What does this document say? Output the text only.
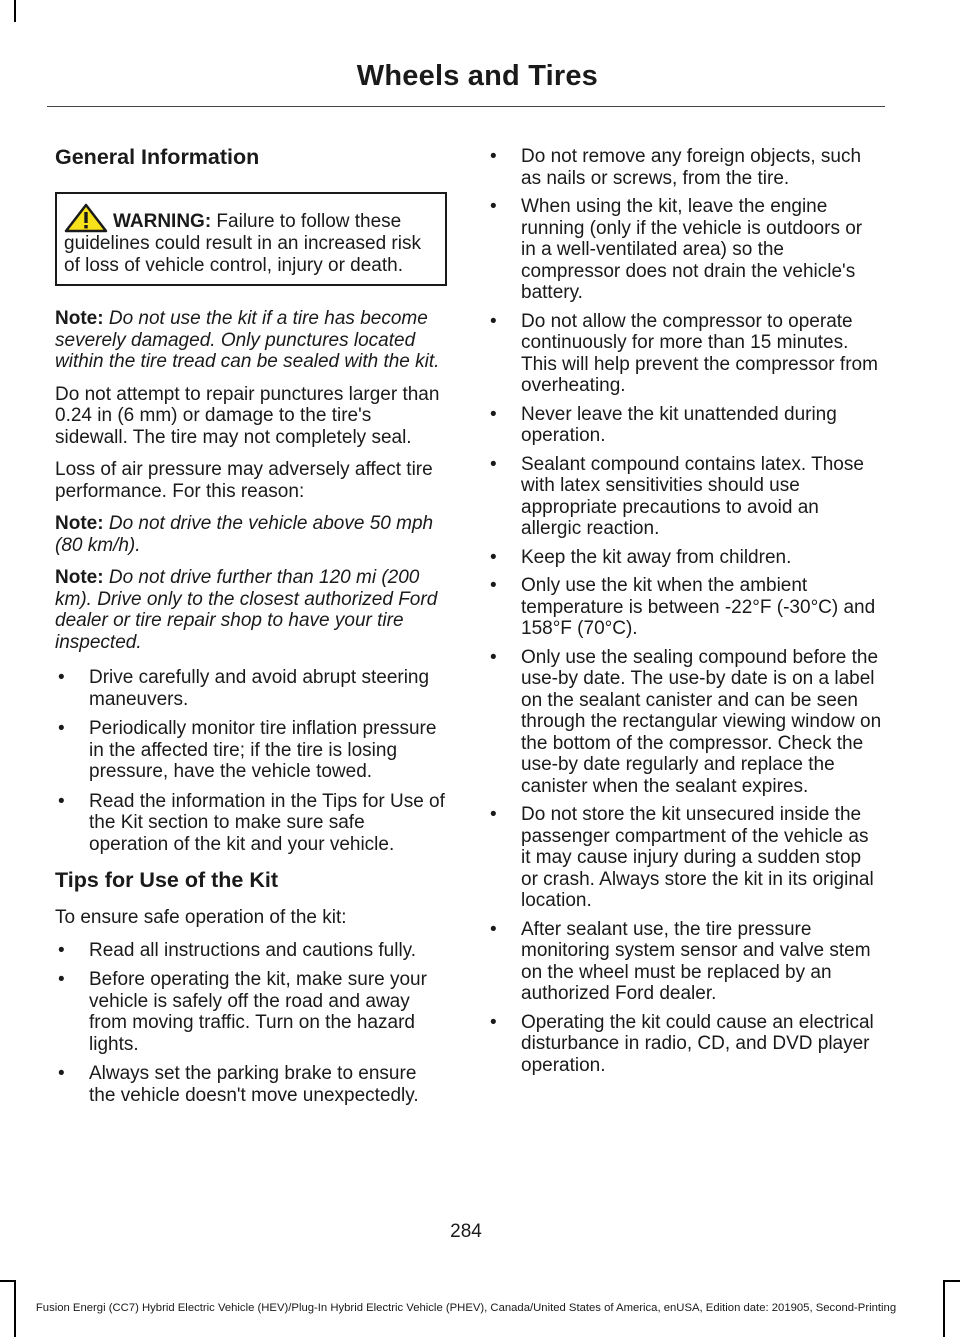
Wheels and Tires
General Information

WARNING: Failure to follow these guidelines could result in an increased risk of loss of vehicle control, injury or death.

Note: Do not use the kit if a tire has become severely damaged. Only punctures located within the tire tread can be sealed with the kit.

Do not attempt to repair punctures larger than 0.24 in (6 mm) or damage to the tire's sidewall. The tire may not completely seal.

Loss of air pressure may adversely affect tire performance. For this reason:

Note: Do not drive the vehicle above 50 mph (80 km/h).

Note: Do not drive further than 120 mi (200 km). Drive only to the closest authorized Ford dealer or tire repair shop to have your tire inspected.

• Drive carefully and avoid abrupt steering maneuvers.
• Periodically monitor tire inflation pressure in the affected tire; if the tire is losing pressure, have the vehicle towed.
• Read the information in the Tips for Use of the Kit section to make sure safe operation of the kit and your vehicle.
Tips for Use of the Kit

To ensure safe operation of the kit:

• Read all instructions and cautions fully.
• Before operating the kit, make sure your vehicle is safely off the road and away from moving traffic. Turn on the hazard lights.
• Always set the parking brake to ensure the vehicle doesn't move unexpectedly.
• Do not remove any foreign objects, such as nails or screws, from the tire.
• When using the kit, leave the engine running (only if the vehicle is outdoors or in a well-ventilated area) so the compressor does not drain the vehicle's battery.
• Do not allow the compressor to operate continuously for more than 15 minutes. This will help prevent the compressor from overheating.
• Never leave the kit unattended during operation.
• Sealant compound contains latex. Those with latex sensitivities should use appropriate precautions to avoid an allergic reaction.
• Keep the kit away from children.
• Only use the kit when the ambient temperature is between -22°F (-30°C) and 158°F (70°C).
• Only use the sealing compound before the use-by date. The use-by date is on a label on the sealant canister and can be seen through the rectangular viewing window on the bottom of the compressor. Check the use-by date regularly and replace the canister when the sealant expires.
• Do not store the kit unsecured inside the passenger compartment of the vehicle as it may cause injury during a sudden stop or crash. Always store the kit in its original location.
• After sealant use, the tire pressure monitoring system sensor and valve stem on the wheel must be replaced by an authorized Ford dealer.
• Operating the kit could cause an electrical disturbance in radio, CD, and DVD player operation.
284
Fusion Energi (CC7) Hybrid Electric Vehicle (HEV)/Plug-In Hybrid Electric Vehicle (PHEV), Canada/United States of America, enUSA, Edition date: 201905, Second-Printing
